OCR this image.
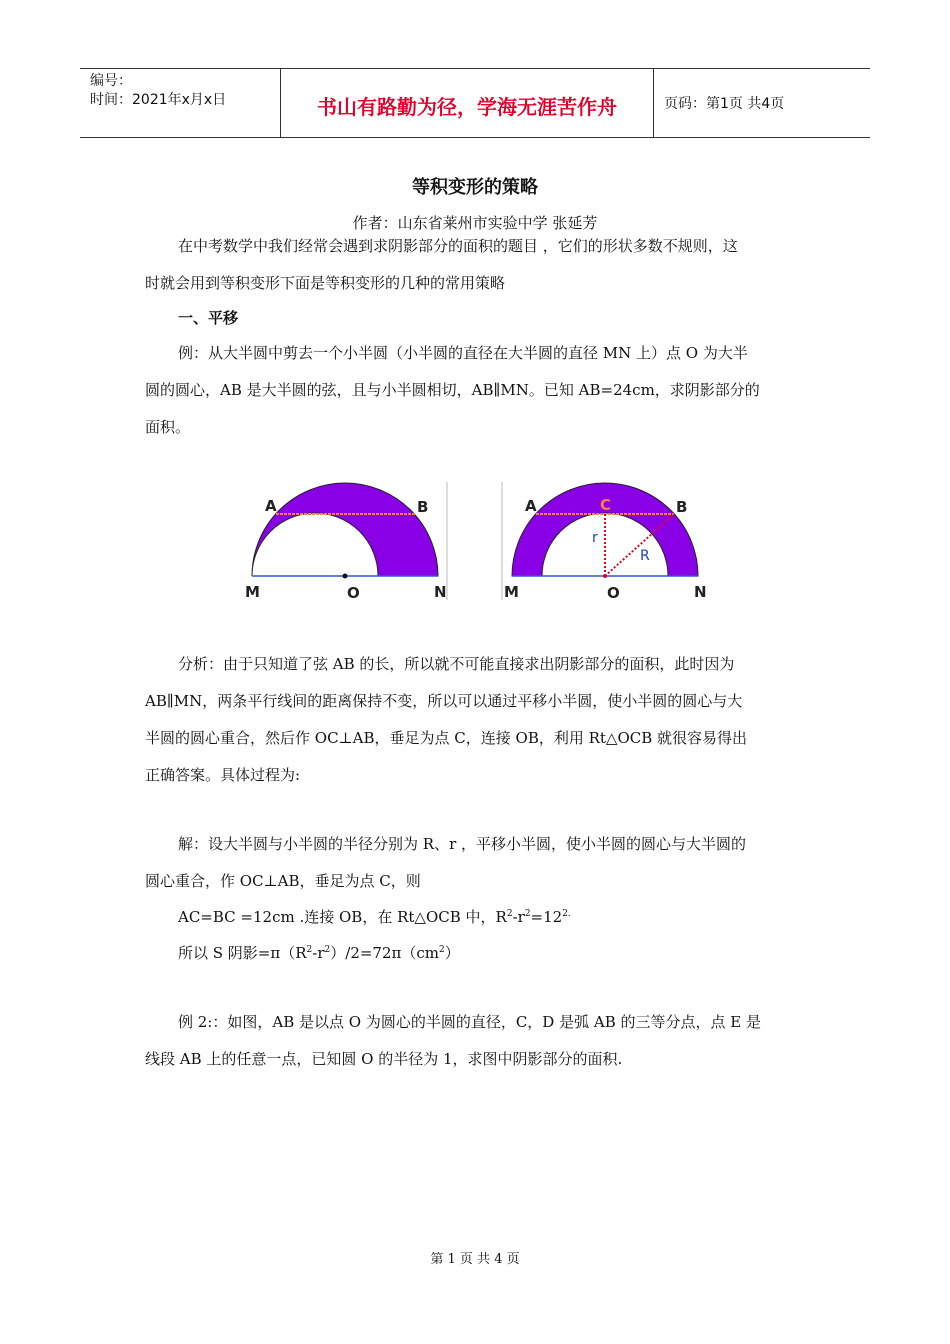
编号：
时间：2021年x月x日	书山有路勤为径，学海无涯苦作舟	页码：第1页 共4页
等积变形的策略
作者：山东省莱州市实验中学 张延芳
在中考数学中我们经常会遇到求阴影部分的面积的题目 ，它们的形状多数不规则，这
时就会用到等积变形下面是等积变形的几种的常用策略
一、平移
例：从大半圆中剪去一个小半圆（小半圆的直径在大半圆的直径 MN 上）点 O 为大半
圆的圆心，AB 是大半圆的弦，且与小半圆相切，AB∥MN。已知 AB=24cm，求阴影部分的
面积。
A	B
M	O	N
A	B
C
r
R
M	O	N
分析：由于只知道了弦 AB 的长，所以就不可能直接求出阴影部分的面积，此时因为
AB∥MN，两条平行线间的距离保持不变，所以可以通过平移小半圆，使小半圆的圆心与大
半圆的圆心重合，然后作 OC⊥AB，垂足为点 C，连接 OB，利用 Rt△OCB 就很容易得出
正确答案。具体过程为:
解：设大半圆与小半圆的半径分别为 R、r ，平移小半圆，使小半圆的圆心与大半圆的
圆心重合，作 OC⊥AB，垂足为点 C，则
AC=BC =12cm .连接 OB，在 Rt△OCB 中，$R^2-r^2=12^{2.}$
所以 S 阴影$=\pi(R^2-r^2)/2=72\pi(cm^2)$
例 2:：如图，AB 是以点 O 为圆心的半圆的直径，C，D 是弧 AB 的三等分点，点 E 是
线段 AB 上的任意一点，已知圆 O 的半径为 1，求图中阴影部分的面积.
第 1 页 共 4 页
